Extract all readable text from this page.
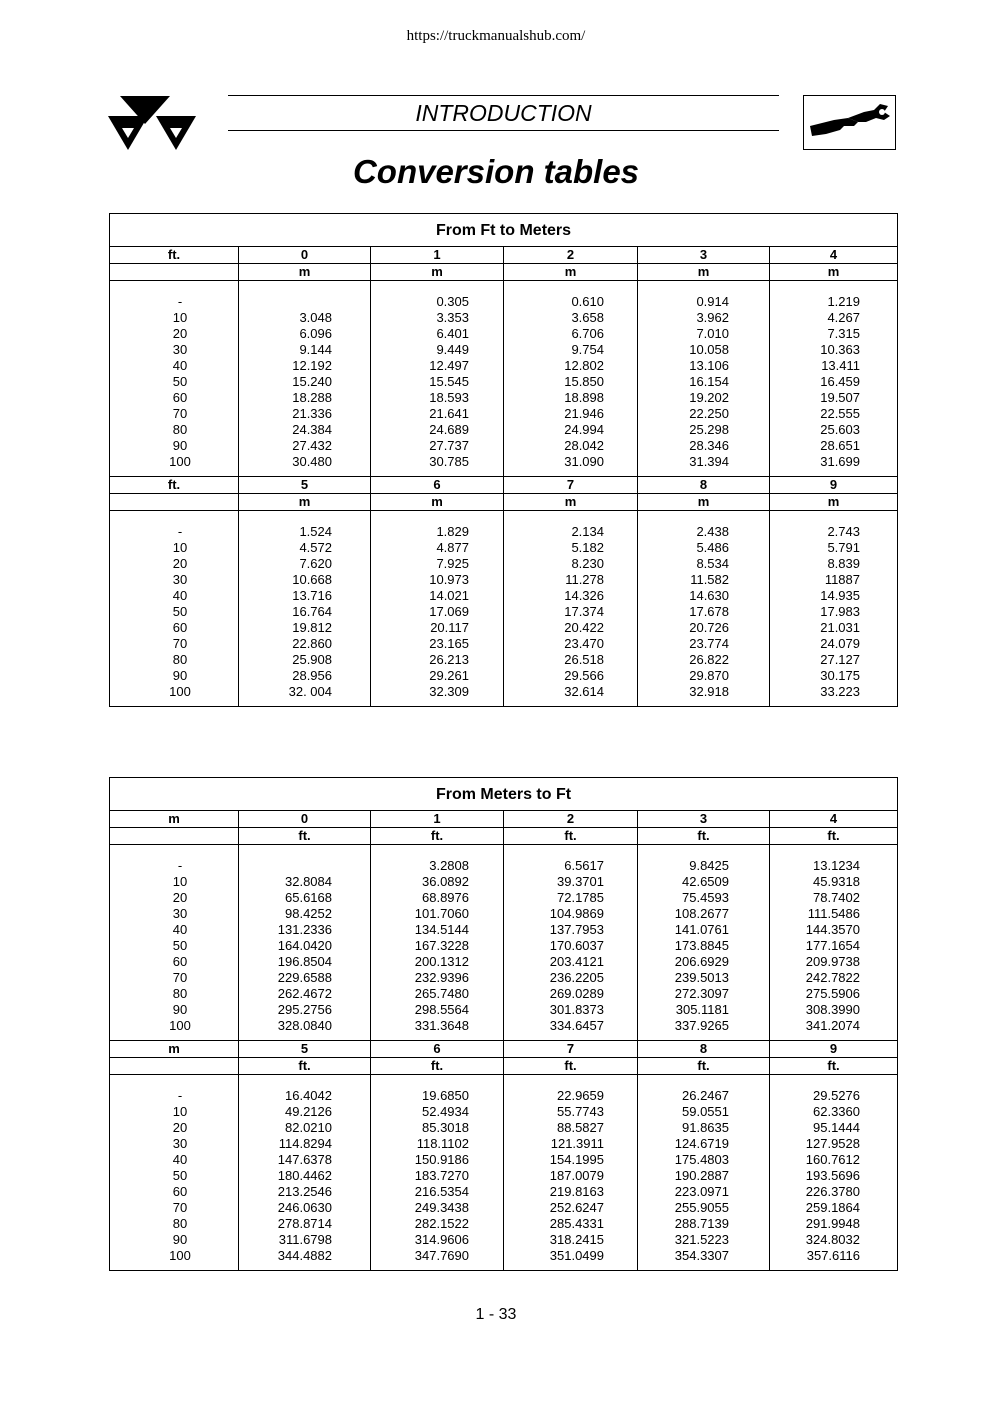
https://truckmanualshub.com/
INTRODUCTION
Conversion tables
From Ft to Meters
ft.
-
10
20
30
40
50
60
70
80
90
100
0
m
3.048
6.096
9.144
12.192
15.240
18.288
21.336
24.384
27.432
30.480
1
m
0.305
3.353
6.401
9.449
12.497
15.545
18.593
21.641
24.689
27.737
30.785
2
m
0.610
3.658
6.706
9.754
12.802
15.850
18.898
21.946
24.994
28.042
31.090
3
m
0.914
3.962
7.010
10.058
13.106
16.154
19.202
22.250
25.298
28.346
31.394
4
m
1.219
4.267
7.315
10.363
13.411
16.459
19.507
22.555
25.603
28.651
31.699
ft.
-
10
20
30
40
50
60
70
80
90
100
5
m
1.524
4.572
7.620
10.668
13.716
16.764
19.812
22.860
25.908
28.956
32. 004
6
m
1.829
4.877
7.925
10.973
14.021
17.069
20.117
23.165
26.213
29.261
32.309
7
m
2.134
5.182
8.230
11.278
14.326
17.374
20.422
23.470
26.518
29.566
32.614
8
m
2.438
5.486
8.534
11.582
14.630
17.678
20.726
23.774
26.822
29.870
32.918
9
m
2.743
5.791
8.839
11887
14.935
17.983
21.031
24.079
27.127
30.175
33.223
From Meters to Ft
m
-
10
20
30
40
50
60
70
80
90
100
0
ft.
32.8084
65.6168
98.4252
131.2336
164.0420
196.8504
229.6588
262.4672
295.2756
328.0840
1
ft.
3.2808
36.0892
68.8976
101.7060
134.5144
167.3228
200.1312
232.9396
265.7480
298.5564
331.3648
2
ft.
6.5617
39.3701
72.1785
104.9869
137.7953
170.6037
203.4121
236.2205
269.0289
301.8373
334.6457
3
ft.
9.8425
42.6509
75.4593
108.2677
141.0761
173.8845
206.6929
239.5013
272.3097
305.1181
337.9265
4
ft.
13.1234
45.9318
78.7402
111.5486
144.3570
177.1654
209.9738
242.7822
275.5906
308.3990
341.2074
m
-
10
20
30
40
50
60
70
80
90
100
5
ft.
16.4042
49.2126
82.0210
114.8294
147.6378
180.4462
213.2546
246.0630
278.8714
311.6798
344.4882
6
ft.
19.6850
52.4934
85.3018
118.1102
150.9186
183.7270
216.5354
249.3438
282.1522
314.9606
347.7690
7
ft.
22.9659
55.7743
88.5827
121.3911
154.1995
187.0079
219.8163
252.6247
285.4331
318.2415
351.0499
8
ft.
26.2467
59.0551
91.8635
124.6719
175.4803
190.2887
223.0971
255.9055
288.7139
321.5223
354.3307
9
ft.
29.5276
62.3360
95.1444
127.9528
160.7612
193.5696
226.3780
259.1864
291.9948
324.8032
357.6116
1 - 33
